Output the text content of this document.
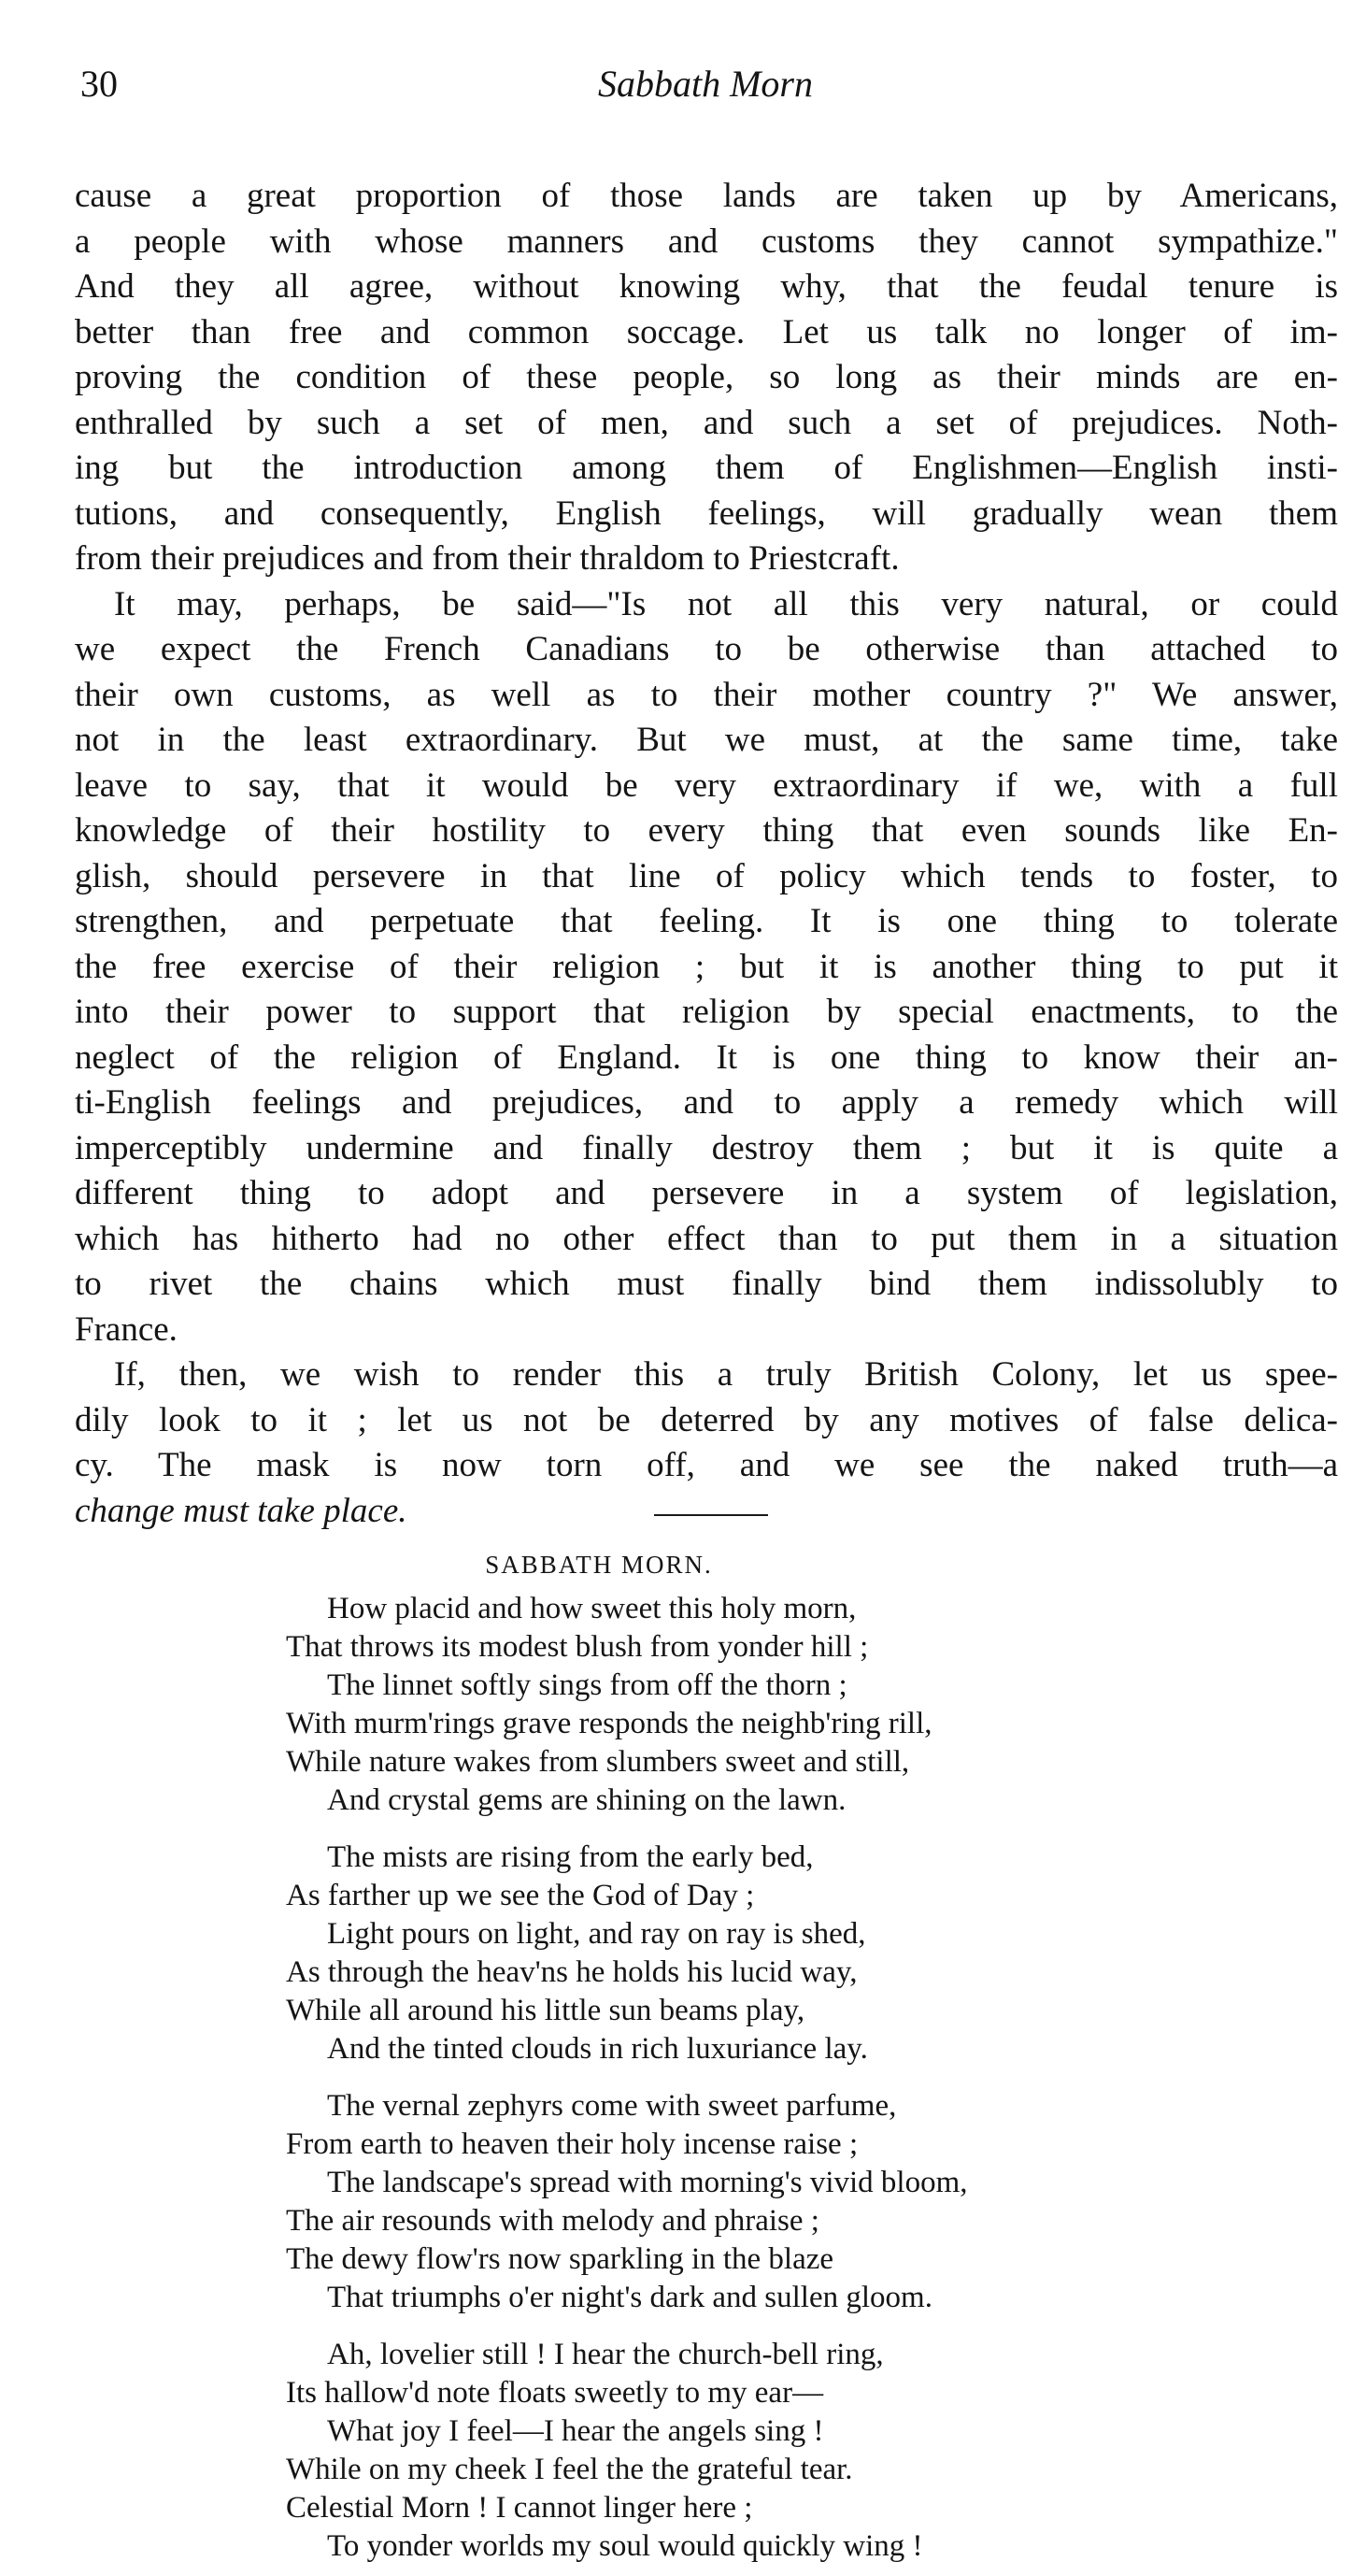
30	Sabbath Morn
cause a great proportion of those lands are taken up by Americans,
a people with whose manners and customs they cannot sympathize."
And they all agree, without knowing why, that the feudal tenure is
better than free and common soccage. Let us talk no longer of im-
proving the condition of these people, so long as their minds are en-
enthralled by such a set of men, and such a set of prejudices. Noth-
ing but the introduction among them of Englishmen—English insti-
tutions, and consequently, English feelings, will gradually wean them
from their prejudices and from their thraldom to Priestcraft.
It may, perhaps, be said—"Is not all this very natural, or could
we expect the French Canadians to be otherwise than attached to
their own customs, as well as to their mother country ?" We answer,
not in the least extraordinary. But we must, at the same time, take
leave to say, that it would be very extraordinary if we, with a full
knowledge of their hostility to every thing that even sounds like En-
glish, should persevere in that line of policy which tends to foster, to
strengthen, and perpetuate that feeling. It is one thing to tolerate
the free exercise of their religion ; but it is another thing to put it
into their power to support that religion by special enactments, to the
neglect of the religion of England. It is one thing to know their an-
ti-English feelings and prejudices, and to apply a remedy which will
imperceptibly undermine and finally destroy them ; but it is quite a
different thing to adopt and persevere in a system of legislation,
which has hitherto had no other effect than to put them in a situation
to rivet the chains which must finally bind them indissolubly to
France.
If, then, we wish to render this a truly British Colony, let us spee-
dily look to it ; let us not be deterred by any motives of false delica-
cy. The mask is now torn off, and we see the naked truth—a
change must take place.
SABBATH MORN.
How placid and how sweet this holy morn,
That throws its modest blush from yonder hill ;
The linnet softly sings from off the thorn ;
With murm'rings grave responds the neighb'ring rill,
While nature wakes from slumbers sweet and still,
And crystal gems are shining on the lawn.
The mists are rising from the early bed,
As farther up we see the God of Day ;
Light pours on light, and ray on ray is shed,
As through the heav'ns he holds his lucid way,
While all around his little sun beams play,
And the tinted clouds in rich luxuriance lay.
The vernal zephyrs come with sweet parfume,
From earth to heaven their holy incense raise ;
The landscape's spread with morning's vivid bloom,
The air resounds with melody and phraise ;
The dewy flow'rs now sparkling in the blaze
That triumphs o'er night's dark and sullen gloom.
Ah, lovelier still ! I hear the church-bell ring,
Its hallow'd note floats sweetly to my ear—
What joy I feel—I hear the angels sing !
While on my cheek I feel the the grateful tear.
Celestial Morn ! I cannot linger here ;
To yonder worlds my soul would quickly wing !
